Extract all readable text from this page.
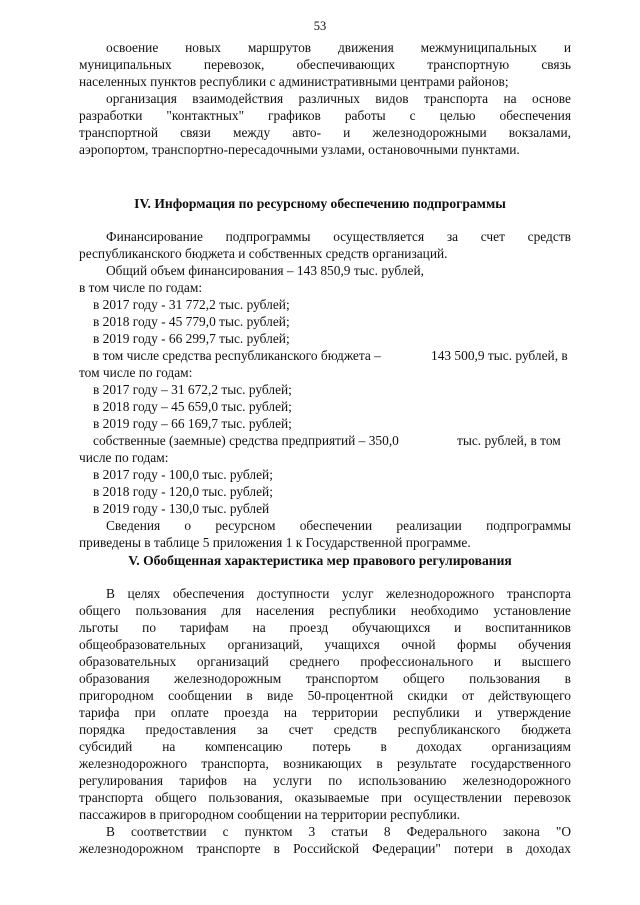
53
освоение новых маршрутов движения межмуниципальных и
муниципальных перевозок, обеспечивающих транспортную связь
населенных пунктов республики с административными центрами районов;
организация взаимодействия различных видов транспорта на основе
разработки "контактных" графиков работы с целью обеспечения
транспортной связи между авто- и железнодорожными вокзалами,
аэропортом, транспортно-пересадочными узлами, остановочными пунктами.
IV. Информация по ресурсному обеспечению подпрограммы
Финансирование подпрограммы осуществляется за счет средств
республиканского бюджета и собственных средств организаций.
Общий объем финансирования – 143 850,9 тыс. рублей,
в том числе по годам:
в 2017 году - 31 772,2 тыс. рублей;
в 2018 году - 45 779,0 тыс. рублей;
в 2019 году - 66 299,7 тыс. рублей;
в том числе средства республиканского бюджета –	143 500,9 тыс. рублей, в
том числе по годам:
в 2017 году – 31 672,2 тыс. рублей;
в 2018 году – 45 659,0 тыс. рублей;
в 2019 году – 66 169,7 тыс. рублей;
собственные (заемные) средства предприятий – 350,0	тыс. рублей, в том
числе по годам:
в 2017 году - 100,0 тыс. рублей;
в 2018 году - 120,0 тыс. рублей;
в 2019 году - 130,0 тыс. рублей
Сведения о ресурсном обеспечении реализации подпрограммы
приведены в таблице 5 приложения 1 к Государственной программе.
V. Обобщенная характеристика мер правового регулирования
В целях обеспечения доступности услуг железнодорожного транспорта
общего пользования для населения республики необходимо установление
льготы по тарифам на проезд обучающихся и воспитанников
общеобразовательных организаций, учащихся очной формы обучения
образовательных организаций среднего профессионального и высшего
образования железнодорожным транспортом общего пользования в
пригородном сообщении в виде 50-процентной скидки от действующего
тарифа при оплате проезда на территории республики и утверждение
порядка предоставления за счет средств республиканского бюджета
субсидий на компенсацию потерь в доходах организациям
железнодорожного транспорта, возникающих в результате государственного
регулирования тарифов на услуги по использованию железнодорожного
транспорта общего пользования, оказываемые при осуществлении перевозок
пассажиров в пригородном сообщении на территории республики.
В соответствии с пунктом 3 статьи 8 Федерального закона "О
железнодорожном транспорте в Российской Федерации" потери в доходах
